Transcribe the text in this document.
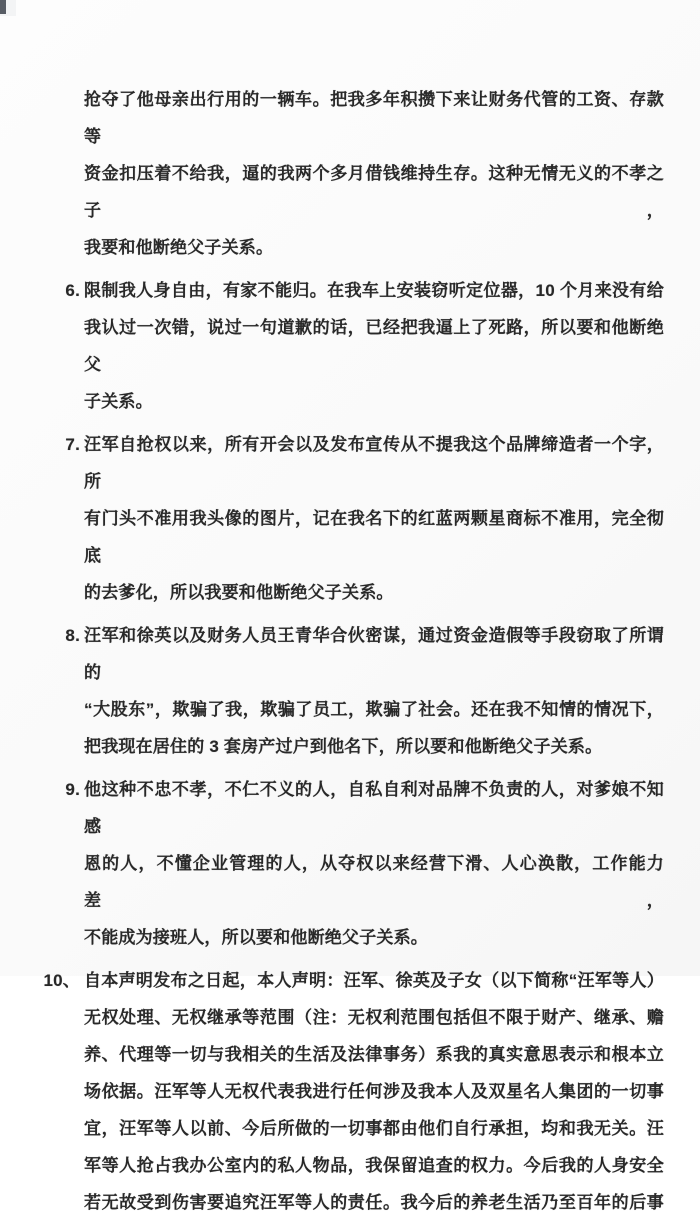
抢夺了他母亲出行用的一辆车。把我多年积攒下来让财务代管的工资、存款等
资金扣压着不给我，逼的我两个多月借钱维持生存。这种无情无义的不孝之子，
我要和他断绝父子关系。
6. 限制我人身自由，有家不能归。在我车上安装窃听定位器，10 个月来没有给
我认过一次错，说过一句道歉的话，已经把我逼上了死路，所以要和他断绝父
子关系。
7. 汪军自抢权以来，所有开会以及发布宣传从不提我这个品牌缔造者一个字，所
有门头不准用我头像的图片，记在我名下的红蓝两颗星商标不准用，完全彻底
的去爹化，所以我要和他断绝父子关系。
8. 汪军和徐英以及财务人员王青华合伙密谋，通过资金造假等手段窃取了所谓的
“大股东”，欺骗了我，欺骗了员工，欺骗了社会。还在我不知情的情况下，
把我现在居住的 3 套房产过户到他名下，所以要和他断绝父子关系。
9. 他这种不忠不孝，不仁不义的人，自私自利对品牌不负责的人，对爹娘不知感
恩的人，不懂企业管理的人，从夺权以来经营下滑、人心涣散，工作能力差，
不能成为接班人，所以要和他断绝父子关系。
10、 自本声明发布之日起，本人声明：汪军、徐英及子女（以下简称“汪军等人）
无权处理、无权继承等范围（注：无权利范围包括但不限于财产、继承、赡
养、代理等一切与我相关的生活及法律事务）系我的真实意思表示和根本立
场依据。汪军等人无权代表我进行任何涉及我本人及双星名人集团的一切事
宜，汪军等人以前、今后所做的一切事都由他们自行承担，均和我无关。汪
军等人抢占我办公室内的私人物品，我保留追查的权力。今后我的人身安全
若无故受到伤害要追究汪军等人的责任。我今后的养老生活乃至百年的后事
